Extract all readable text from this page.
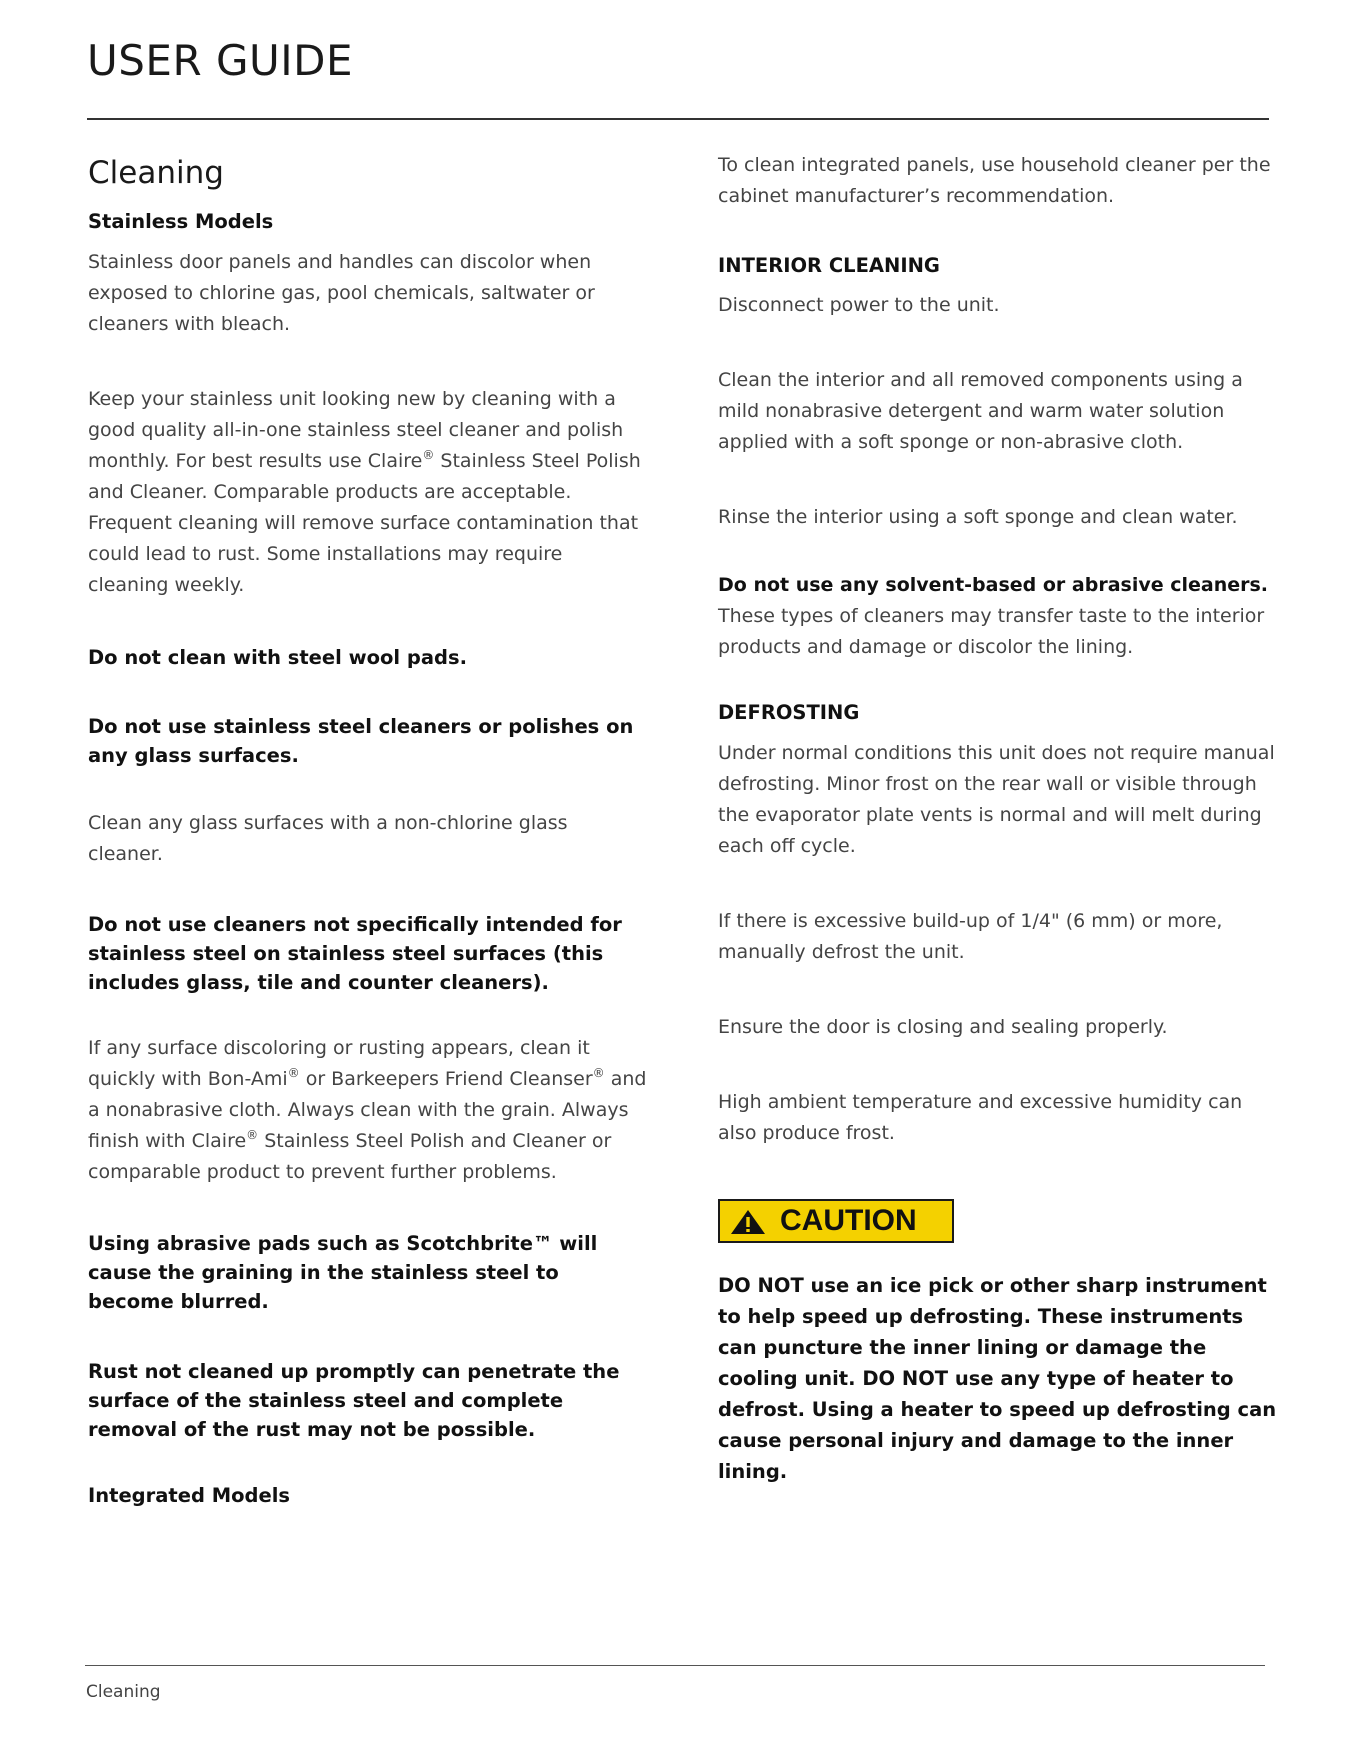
USER GUIDE
Cleaning
Stainless Models

Stainless door panels and handles can discolor when exposed to chlorine gas, pool chemicals, saltwater or cleaners with bleach.

Keep your stainless unit looking new by cleaning with a good quality all-in-one stainless steel cleaner and polish monthly. For best results use Claire® Stainless Steel Polish and Cleaner. Comparable products are acceptable. Frequent cleaning will remove surface contamination that could lead to rust. Some installations may require cleaning weekly.

Do not clean with steel wool pads.

Do not use stainless steel cleaners or polishes on any glass surfaces.

Clean any glass surfaces with a non-chlorine glass cleaner.

Do not use cleaners not specifically intended for stainless steel on stainless steel surfaces (this includes glass, tile and counter cleaners).

If any surface discoloring or rusting appears, clean it quickly with Bon-Ami® or Barkeepers Friend Cleanser® and a nonabrasive cloth. Always clean with the grain. Always finish with Claire® Stainless Steel Polish and Cleaner or comparable product to prevent further problems.

Using abrasive pads such as Scotchbrite™ will cause the graining in the stainless steel to become blurred.

Rust not cleaned up promptly can penetrate the surface of the stainless steel and complete removal of the rust may not be possible.

Integrated Models

To clean integrated panels, use household cleaner per the cabinet manufacturer’s recommendation.

INTERIOR CLEANING

Disconnect power to the unit.

Clean the interior and all removed components using a mild nonabrasive detergent and warm water solution applied with a soft sponge or non-abrasive cloth.

Rinse the interior using a soft sponge and clean water.

Do not use any solvent-based or abrasive cleaners. These types of cleaners may transfer taste to the interior products and damage or discolor the lining.

DEFROSTING

Under normal conditions this unit does not require manual defrosting. Minor frost on the rear wall or visible through the evaporator plate vents is normal and will melt during each off cycle.

If there is excessive build-up of 1/4" (6 mm) or more, manually defrost the unit.

Ensure the door is closing and sealing properly.

High ambient temperature and excessive humidity can also produce frost.

CAUTION

DO NOT use an ice pick or other sharp instrument to help speed up defrosting. These instruments can puncture the inner lining or damage the cooling unit. DO NOT use any type of heater to defrost. Using a heater to speed up defrosting can cause personal injury and damage to the inner lining.

Cleaning
